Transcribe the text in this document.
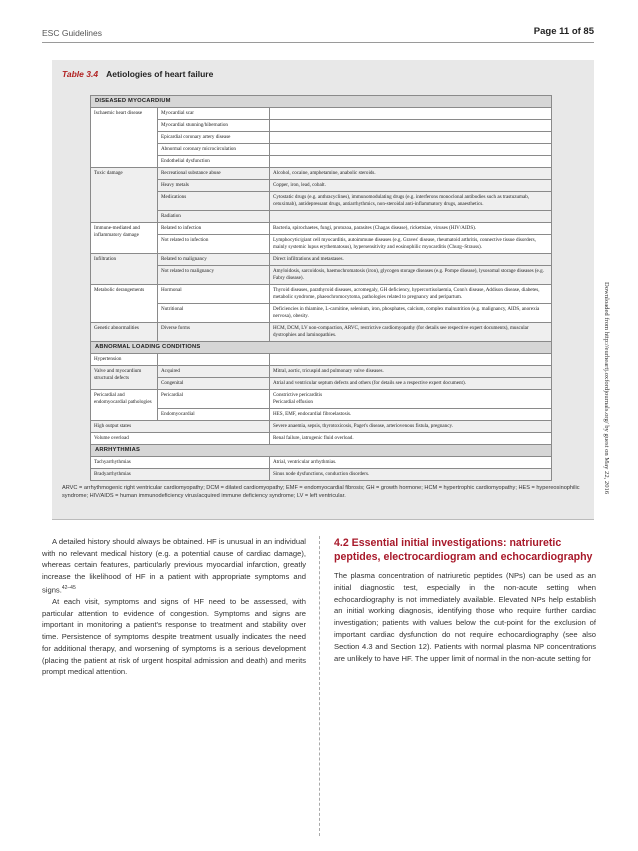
ESC Guidelines	Page 11 of 85
Downloaded from http://eurheartj.oxfordjournals.org/ by guest on May 22, 2016
Table 3.4 Aetiologies of heart failure
DISEASED MYOCARDIUM		
Ischaemic heart disease	Myocardial scar	
	Myocardial stunning/hibernation	
	Epicardial coronary artery disease	
	Abnormal coronary microcirculation	
	Endothelial dysfunction	
Toxic damage	Recreational substance abuse	Alcohol, cocaine, amphetamine, anabolic steroids.
	Heavy metals	Copper, iron, lead, cobalt.
	Medications	Cytostatic drugs (e.g. anthracyclines), immunomodulating drugs (e.g. interferons monoclonal antibodies such as trastuzumab, cetuximab), antidepressant drugs, antiarrhythmics, non-steroidal anti-inflammatory drugs, anaesthetics.
	Radiation	
Immune-mediated and inflammatory damage	Related to infection	Bacteria, spirochaetes, fungi, protozoa, parasites (Chagas disease), rickettsiae, viruses (HIV/AIDS).
	Not related to infection	Lymphocytic/giant cell myocarditis, autoimmune diseases (e.g. Graves' disease, rheumatoid arthritis, connective tissue disorders, mainly systemic lupus erythematosus), hypersensitivity and eosinophilic myocarditis (Churg–Strauss).
Infiltration	Related to malignancy	Direct infiltrations and metastases.
	Not related to malignancy	Amyloidosis, sarcoidosis, haemochromatosis (iron), glycogen storage diseases (e.g. Pompe disease), lysosomal storage diseases (e.g. Fabry disease).
Metabolic derangements	Hormonal	Thyroid diseases, parathyroid diseases, acromegaly, GH deficiency, hypercortisolaemia, Conn's disease, Addison disease, diabetes, metabolic syndrome, phaeochromocytoma, pathologies related to pregnancy and peripartum.
	Nutritional	Deficiencies in thiamine, L-carnitine, selenium, iron, phosphates, calcium, complex malnutrition (e.g. malignancy, AIDS, anorexia nervosa), obesity.
Genetic abnormalities	Diverse forms	HCM, DCM, LV non-compaction, ARVC, restrictive cardiomyopathy (for details see respective expert documents), muscular dystrophies and laminopathies.
ABNORMAL LOADING CONDITIONS		
Hypertension		
Valve and myocardium structural defects	Acquired	Mitral, aortic, tricuspid and pulmonary valve diseases.
	Congenital	Atrial and ventricular septum defects and others (for details see a respective expert document).
Pericardial and endomyocardial pathologies	Pericardial	Constrictive pericarditis
Pericardial effusion

	Endomyocardial	HES, EMF, endocardial fibroelastosis.
High output states		Severe anaemia, sepsis, thyrotoxicosis, Paget's disease, arteriovenous fistula, pregnancy.
Volume overload		Renal failure, iatrogenic fluid overload.
ARRHYTHMIAS		
Tachyarrhythmias		Atrial, ventricular arrhythmias.
Bradyarrhythmias		Sinus node dysfunctions, conduction disorders.
ARVC = arrhythmogenic right ventricular cardiomyopathy; DCM = dilated cardiomyopathy; EMF = endomyocardial fibrosis; GH = growth hormone; HCM = hypertrophic cardiomyopathy; HES = hypereosinophilic syndrome; HIV/AIDS = human immunodeficiency virus/acquired immune deficiency syndrome; LV = left ventricular.

A detailed history should always be obtained. HF is unusual in an individual with no relevant medical history (e.g. a potential cause of cardiac damage), whereas certain features, particularly previous myocardial infarction, greatly increase the likelihood of HF in a patient with appropriate symptoms and signs.$^{42-45}$

At each visit, symptoms and signs of HF need to be assessed, with particular attention to evidence of congestion. Symptoms and signs are important in monitoring a patient's response to treatment and stability over time. Persistence of symptoms despite treatment usually indicates the need for additional therapy, and worsening of symptoms is a serious development (placing the patient at risk of urgent hospital admission and death) and merits prompt medical attention.

4.2 Essential initial investigations: natriuretic peptides, electrocardiogram and echocardiography

The plasma concentration of natriuretic peptides (NPs) can be used as an initial diagnostic test, especially in the non-acute setting when echocardiography is not immediately available. Elevated NPs help establish an initial working diagnosis, identifying those who require further cardiac investigation; patients with values below the cut-point for the exclusion of important cardiac dysfunction do not require echocardiography (see also Section 4.3 and Section 12). Patients with normal plasma NP concentrations are unlikely to have HF. The upper limit of normal in the non-acute setting for
